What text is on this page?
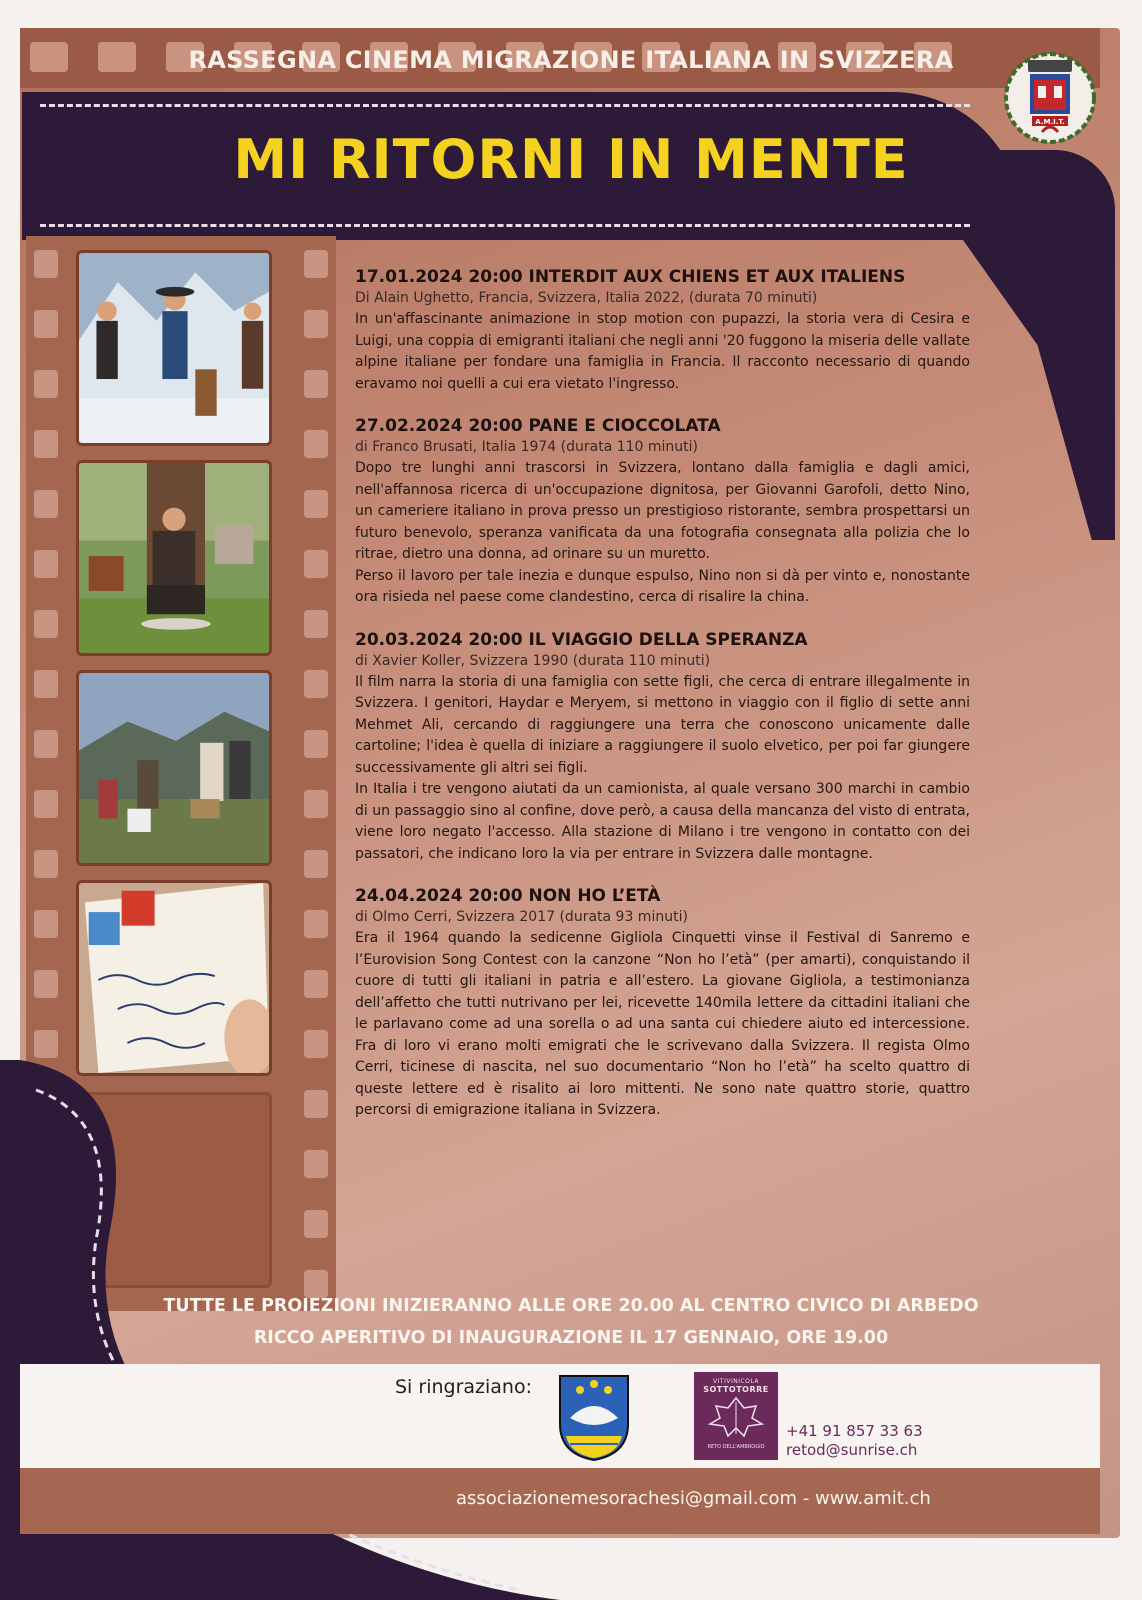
RASSEGNA CINEMA MIGRAZIONE ITALIANA IN SVIZZERA
MI RITORNI IN MENTE
A.M.I.T.
17.01.2024 20:00 INTERDIT AUX CHIENS ET AUX ITALIENS
Di Alain Ughetto, Francia, Svizzera, Italia 2022, (durata 70 minuti)

In un'affascinante animazione in stop motion con pupazzi, la storia vera di Cesira e Luigi, una coppia di emigranti italiani che negli anni '20 fuggono la miseria delle vallate alpine italiane per fondare una famiglia in Francia. Il racconto necessario di quando eravamo noi quelli a cui era vietato l'ingresso.

27.02.2024 20:00 PANE E CIOCCOLATA
di Franco Brusati, Italia 1974 (durata 110 minuti)

Dopo tre lunghi anni trascorsi in Svizzera, lontano dalla famiglia e dagli amici, nell'affannosa ricerca di un'occupazione dignitosa, per Giovanni Garofoli, detto Nino, un cameriere italiano in prova presso un prestigioso ristorante, sembra prospettarsi un futuro benevolo, speranza vanificata da una fotografia consegnata alla polizia che lo ritrae, dietro una donna, ad orinare su un muretto.

Perso il lavoro per tale inezia e dunque espulso, Nino non si dà per vinto e, nonostante ora risieda nel paese come clandestino, cerca di risalire la china.

20.03.2024 20:00 IL VIAGGIO DELLA SPERANZA
di Xavier Koller, Svizzera 1990 (durata 110 minuti)

Il film narra la storia di una famiglia con sette figli, che cerca di entrare illegalmente in Svizzera. I genitori, Haydar e Meryem, si mettono in viaggio con il figlio di sette anni Mehmet Ali, cercando di raggiungere una terra che conoscono unicamente dalle cartoline; l'idea è quella di iniziare a raggiungere il suolo elvetico, per poi far giungere successivamente gli altri sei figli.

In Italia i tre vengono aiutati da un camionista, al quale versano 300 marchi in cambio di un passaggio sino al confine, dove però, a causa della mancanza del visto di entrata, viene loro negato l'accesso. Alla stazione di Milano i tre vengono in contatto con dei passatori, che indicano loro la via per entrare in Svizzera dalle montagne.

24.04.2024 20:00 NON HO L’ETÀ
di Olmo Cerri, Svizzera 2017 (durata 93 minuti)

Era il 1964 quando la sedicenne Gigliola Cinquetti vinse il Festival di Sanremo e l’Eurovision Song Contest con la canzone “Non ho l’età” (per amarti), conquistando il cuore di tutti gli italiani in patria e all’estero. La giovane Gigliola, a testimonianza dell’affetto che tutti nutrivano per lei, ricevette 140mila lettere da cittadini italiani che le parlavano come ad una sorella o ad una santa cui chiedere aiuto ed intercessione. Fra di loro vi erano molti emigrati che le scrivevano dalla Svizzera. Il regista Olmo Cerri, ticinese di nascita, nel suo documentario “Non ho l’età” ha scelto quattro di queste lettere ed è risalito ai loro mittenti. Ne sono nate quattro storie, quattro percorsi di emigrazione italiana in Svizzera.

TUTTE LE PROIEZIONI INIZIERANNO ALLE ORE 20.00 AL CENTRO CIVICO DI ARBEDO
RICCO APERITIVO DI INAUGURAZIONE IL 17 GENNAIO, ORE 19.00
Si ringraziano:	VITIVINICOLA
SOTTOTORRE
RETO DELL'AMBROGIO
+41 91 857 33 63
retod@sunrise.ch
associazionemesorachesi@gmail.com - www.amit.ch
